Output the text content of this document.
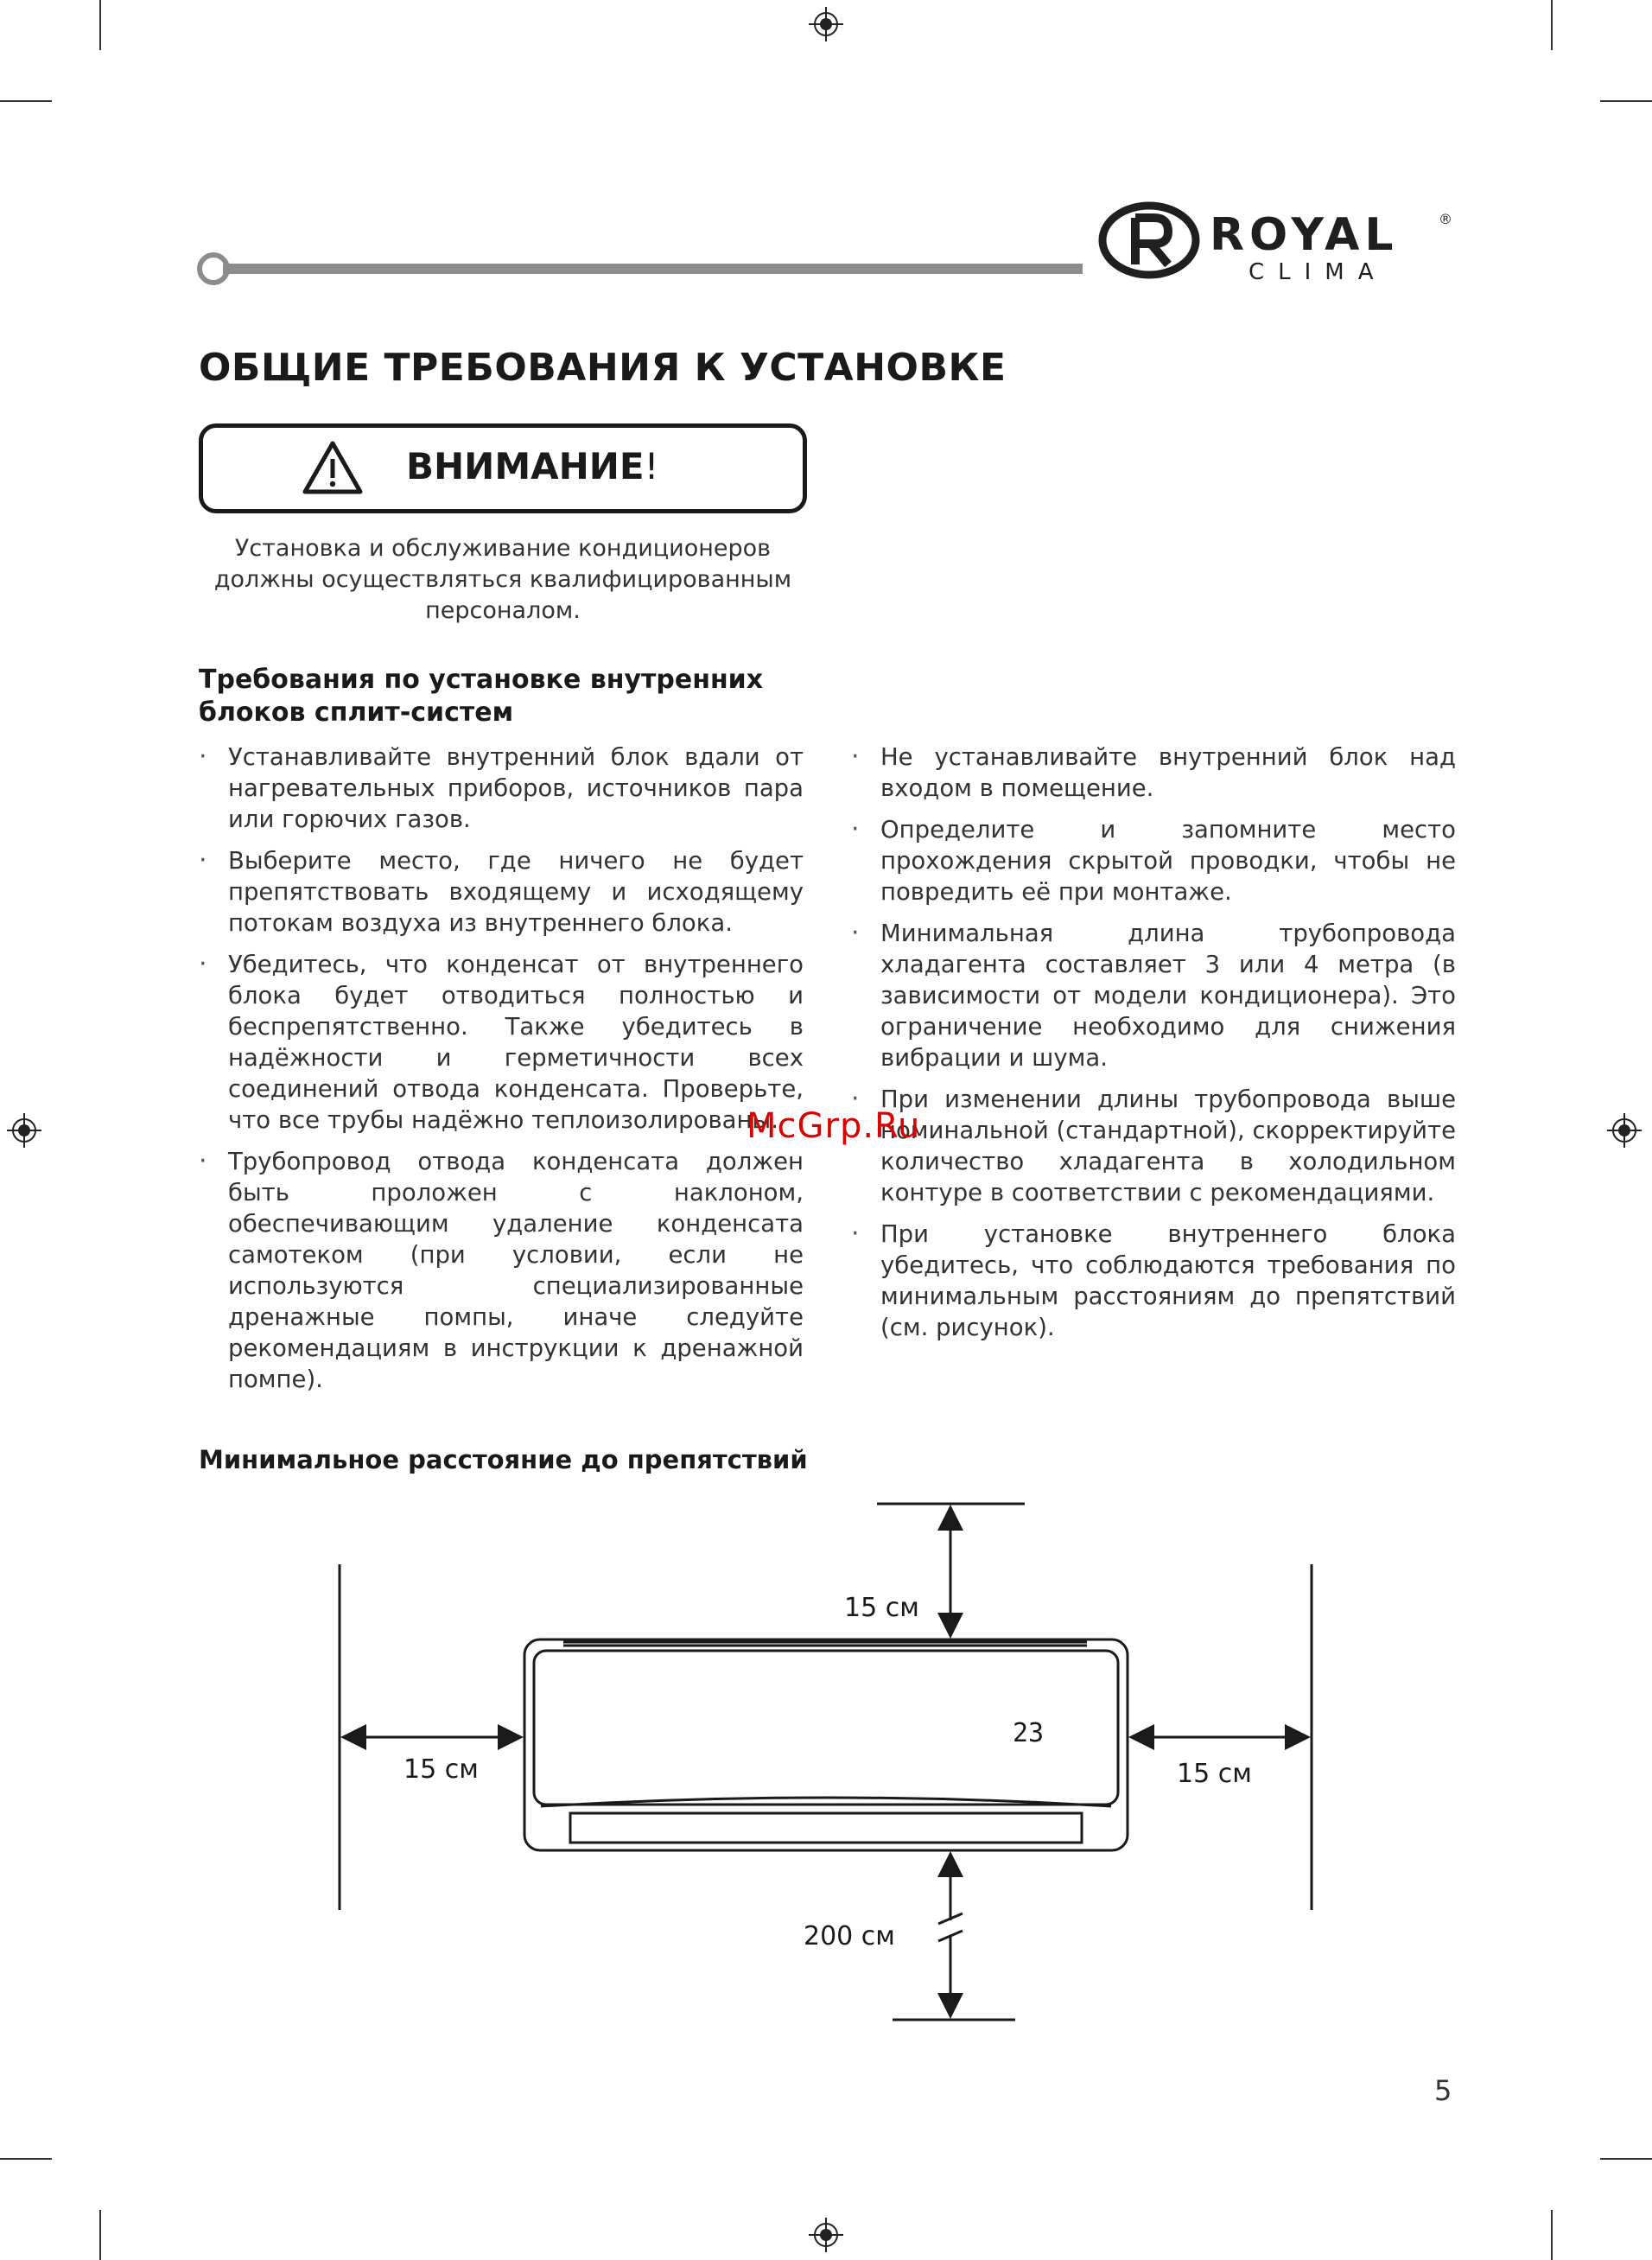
ROYAL	®
CLIMA
ОБЩИЕ ТРЕБОВАНИЯ К УСТАНОВКЕ
ВНИМАНИЕ!
Установка и обслуживание кондиционеров должны осуществляться квалифицированным персоналом.
Требования по установке внутренних блоков сплит-систем
· Устанавливайте внутренний блок вдали от нагревательных приборов, источников пара или горючих газов.
· Выберите место, где ничего не будет препятствовать входящему и исходящему потокам воздуха из внутреннего блока.
· Убедитесь, что конденсат от внутреннего блока будет отводиться полностью и беспрепятственно. Также убедитесь в надёжности и герметичности всех соединений отвода конденсата. Проверьте, что все трубы надёжно теплоизолированы.
· Трубопровод отвода конденсата должен быть проложен с наклоном, обеспечивающим удаление конденсата самотеком (при условии, если не используются специализированные дренажные помпы, иначе следуйте рекомендациям в инструкции к дренажной помпе).
· Не устанавливайте внутренний блок над входом в помещение.
· Определите и запомните место прохождения скрытой проводки, чтобы не повредить её при монтаже.
· Минимальная длина трубопровода хладагента составляет 3 или 4 метра (в зависимости от модели кондиционера). Это ограничение необходимо для снижения вибрации и шума.
· При изменении длины трубопровода выше номинальной (стандартной), скорректируйте количество хладагента в холодильном контуре в соответствии с рекомендациями.
· При установке внутреннего блока убедитесь, что соблюдаются требования по минимальным расстояниям до препятствий (см. рисунок).
McGrp.Ru
Минимальное расстояние до препятствий
23
15 см
15 см	15 см
200 см
5
